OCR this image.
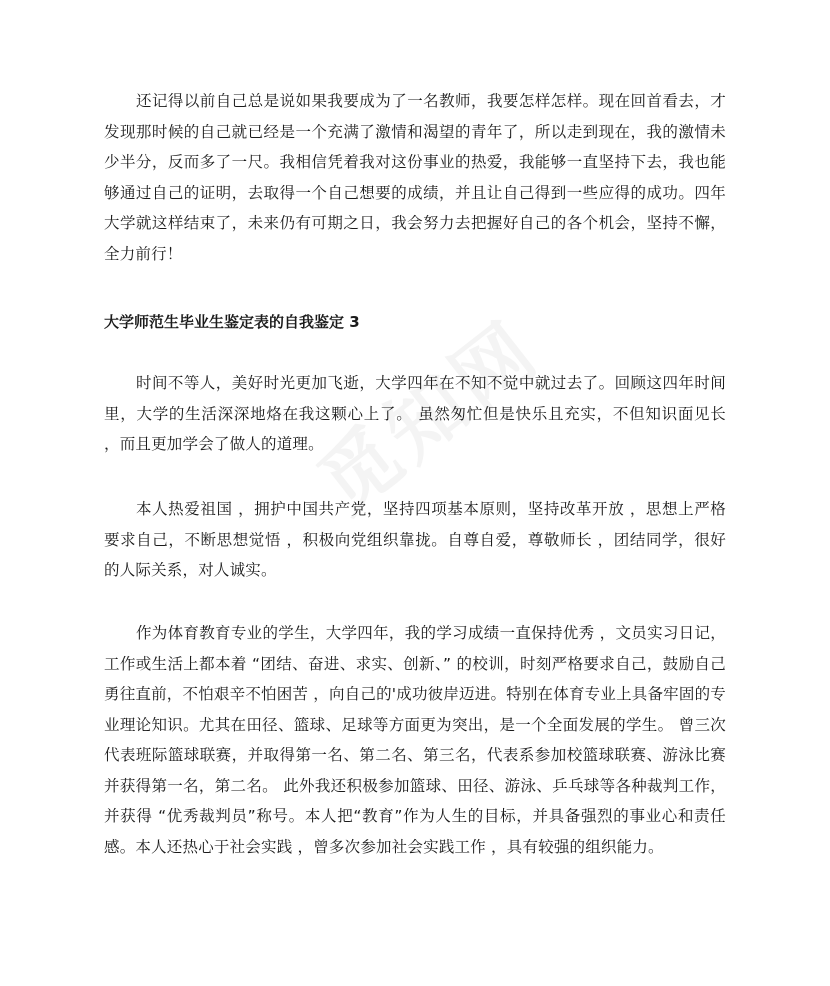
还记得以前自己总是说如果我要成为了一名教师，我要怎样怎样。现在回首看去，才发现那时候的自己就已经是一个充满了激情和渴望的青年了，所以走到现在，我的激情未少半分，反而多了一尺。我相信凭着我对这份事业的热爱，我能够一直坚持下去，我也能够通过自己的证明，去取得一个自己想要的成绩，并且让自己得到一些应得的成功。四年大学就这样结束了，未来仍有可期之日，我会努力去把握好自己的各个机会，坚持不懈，全力前行！

大学师范生毕业生鉴定表的自我鉴定 3

时间不等人，美好时光更加飞逝，大学四年在不知不觉中就过去了。回顾这四年时间里，大学的生活深深地烙在我这颗心上了。 虽然匆忙但是快乐且充实，不但知识面见长 ，而且更加学会了做人的道理。

本人热爱祖国 ，拥护中国共产党，坚持四项基本原则，坚持改革开放 ，思想上严格要求自己，不断思想觉悟 ，积极向党组织靠拢。自尊自爱，尊敬师长 ，团结同学，很好的人际关系，对人诚实。

作为体育教育专业的学生，大学四年，我的学习成绩一直保持优秀 ，文员实习日记，工作或生活上都本着 “团结、奋进、求实、创新、” 的校训，时刻严格要求自己，鼓励自己勇往直前，不怕艰辛不怕困苦 ，向自己的'成功彼岸迈进。特别在体育专业上具备牢固的专业理论知识。尤其在田径、篮球、足球等方面更为突出，是一个全面发展的学生。 曾三次代表班际篮球联赛，并取得第一名、第二名、第三名，代表系参加校篮球联赛、游泳比赛并获得第一名，第二名。 此外我还积极参加篮球、田径、游泳、乒乓球等各种裁判工作，并获得 “优秀裁判员”称号。本人把“教育”作为人生的目标，并具备强烈的事业心和责任感。本人还热心于社会实践 ，曾多次参加社会实践工作 ，具有较强的组织能力。
